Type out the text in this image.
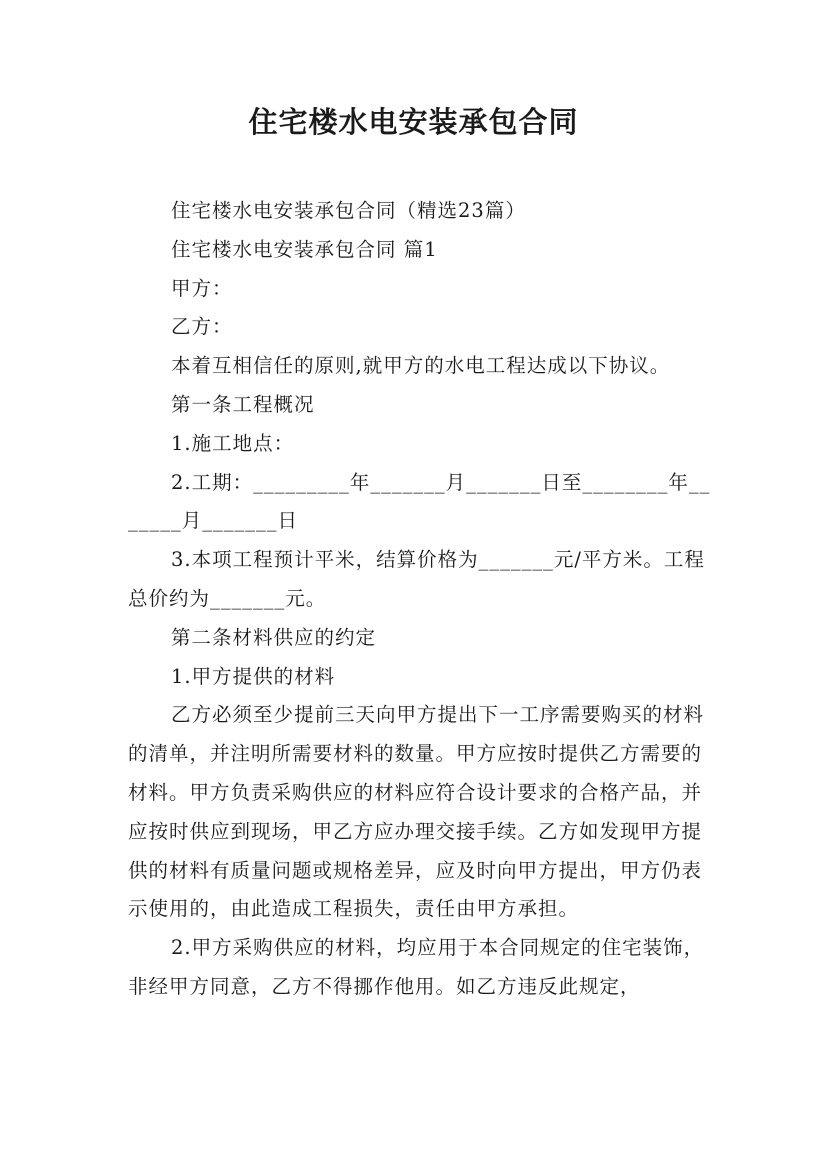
住宅楼水电安装承包合同

住宅楼水电安装承包合同（精选23篇）

住宅楼水电安装承包合同 篇1

甲方：

乙方：

本着互相信任的原则,就甲方的水电工程达成以下协议。

第一条工程概况

1.施工地点：

2.工期：_________年_______月_______日至________年_______月_______日

3.本项工程预计平米，结算价格为_______元/平方米。工程总价约为_______元。

第二条材料供应的约定

1.甲方提供的材料

乙方必须至少提前三天向甲方提出下一工序需要购买的材料的清单，并注明所需要材料的数量。甲方应按时提供乙方需要的材料。甲方负责采购供应的材料应符合设计要求的合格产品，并应按时供应到现场，甲乙方应办理交接手续。乙方如发现甲方提供的材料有质量问题或规格差异，应及时向甲方提出，甲方仍表示使用的，由此造成工程损失，责任由甲方承担。

2.甲方采购供应的材料，均应用于本合同规定的住宅装饰，非经甲方同意，乙方不得挪作他用。如乙方违反此规定，
